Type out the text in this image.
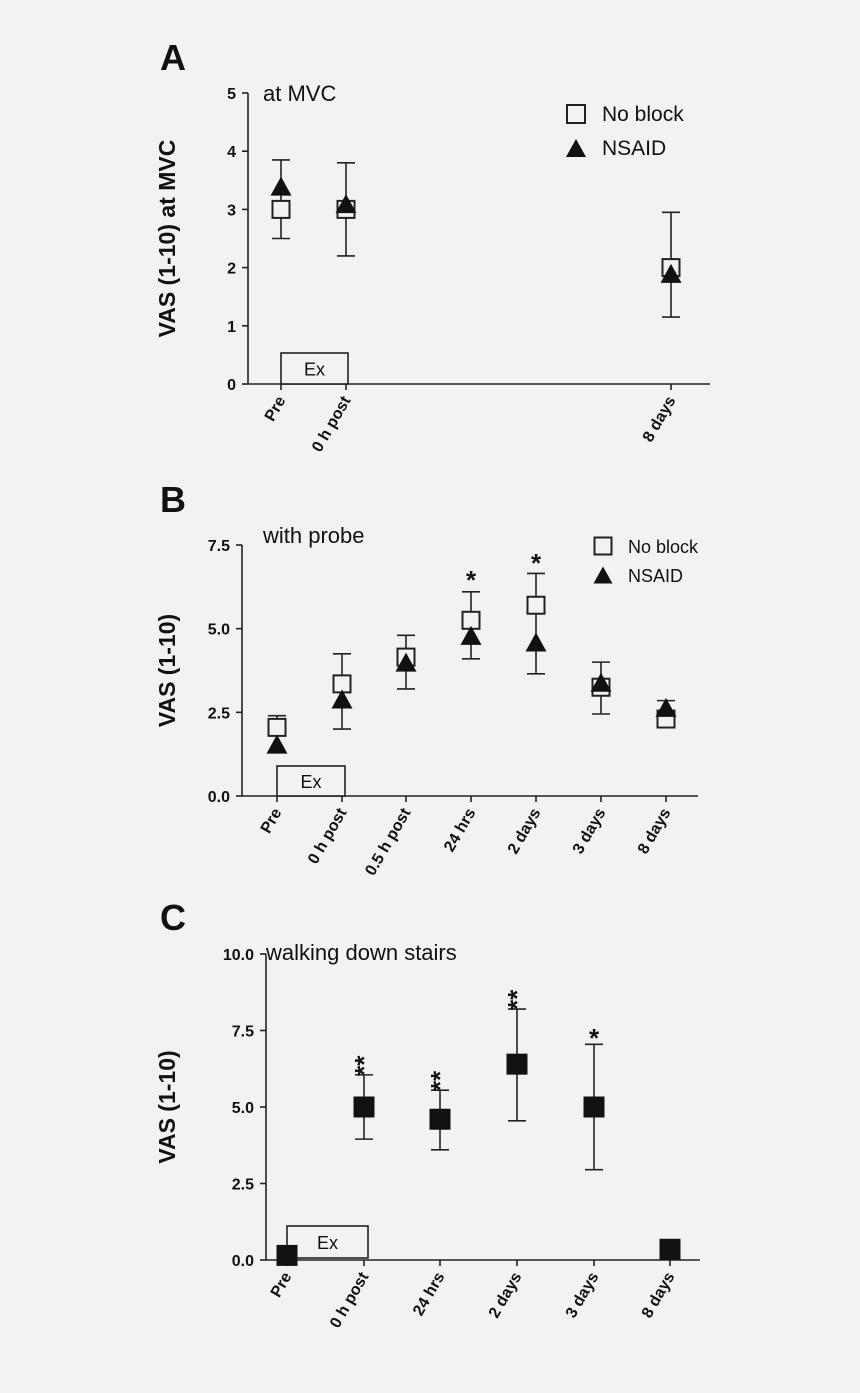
A
at MVC
VAS (1-10) at MVC
0
1
2
3
4
5
Pre 0 h post	8 days
Ex
No block
NSAID
B
with probe
VAS (1-10)
0.0
2.5
5.0
7.5
Pre 0 h post 0.5 h post 24 hrs 2 days 3 days 8 days
Ex
*
*
No block
NSAID
C
walking down stairs
VAS (1-10)
0.0
2.5
5.0
7.5
10.0
Pre 0 h post 24 hrs 2 days 3 days 8 days
Ex
**
**
**
*
